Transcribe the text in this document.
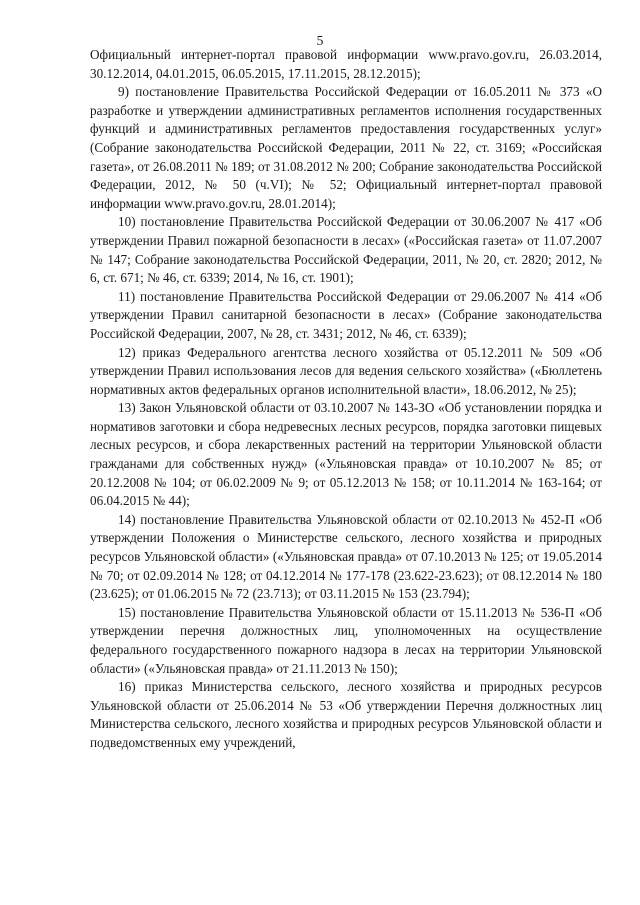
5

Официальный интернет-портал правовой информации www.pravo.gov.ru, 26.03.2014, 30.12.2014, 04.01.2015, 06.05.2015, 17.11.2015, 28.12.2015);

9) постановление Правительства Российской Федерации от 16.05.2011 № 373 «О разработке и утверждении административных регламентов исполнения государственных функций и административных регламентов предоставления государственных услуг» (Собрание законодательства Российской Федерации, 2011 № 22, ст. 3169; «Российская газета», от 26.08.2011 № 189; от 31.08.2012 № 200; Собрание законодательства Российской Федерации, 2012, № 50 (ч.VI); № 52; Официальный интернет-портал правовой информации www.pravo.gov.ru, 28.01.2014);

10) постановление Правительства Российской Федерации от 30.06.2007 № 417 «Об утверждении Правил пожарной безопасности в лесах» («Российская газета» от 11.07.2007 № 147; Собрание законодательства Российской Федерации, 2011, № 20, ст. 2820; 2012, № 6, ст. 671; № 46, ст. 6339; 2014, № 16, ст. 1901);

11) постановление Правительства Российской Федерации от 29.06.2007 № 414 «Об утверждении Правил санитарной безопасности в лесах» (Собрание законодательства Российской Федерации, 2007, № 28, ст. 3431; 2012, № 46, ст. 6339);

12) приказ Федерального агентства лесного хозяйства от 05.12.2011 № 509 «Об утверждении Правил использования лесов для ведения сельского хозяйства» («Бюллетень нормативных актов федеральных органов исполнительной власти», 18.06.2012, № 25);

13) Закон Ульяновской области от 03.10.2007 № 143-ЗО «Об установлении порядка и нормативов заготовки и сбора недревесных лесных ресурсов, порядка заготовки пищевых лесных ресурсов, и сбора лекарственных растений на территории Ульяновской области гражданами для собственных нужд» («Ульяновская правда» от 10.10.2007 № 85; от 20.12.2008 № 104; от 06.02.2009 № 9; от 05.12.2013 № 158; от 10.11.2014 № 163-164; от 06.04.2015 № 44);

14) постановление Правительства Ульяновской области от 02.10.2013 № 452-П «Об утверждении Положения о Министерстве сельского, лесного хозяйства и природных ресурсов Ульяновской области» («Ульяновская правда» от 07.10.2013 № 125; от 19.05.2014 № 70; от 02.09.2014 № 128; от 04.12.2014 № 177-178 (23.622-23.623); от 08.12.2014 № 180 (23.625); от 01.06.2015 № 72 (23.713); от 03.11.2015 № 153 (23.794);

15) постановление Правительства Ульяновской области от 15.11.2013 № 536-П «Об утверждении перечня должностных лиц, уполномоченных на осуществление федерального государственного пожарного надзора в лесах на территории Ульяновской области» («Ульяновская правда» от 21.11.2013 № 150);

16) приказ Министерства сельского, лесного хозяйства и природных ресурсов Ульяновской области от 25.06.2014 № 53 «Об утверждении Перечня должностных лиц Министерства сельского, лесного хозяйства и природных ресурсов Ульяновской области и подведомственных ему учреждений,
